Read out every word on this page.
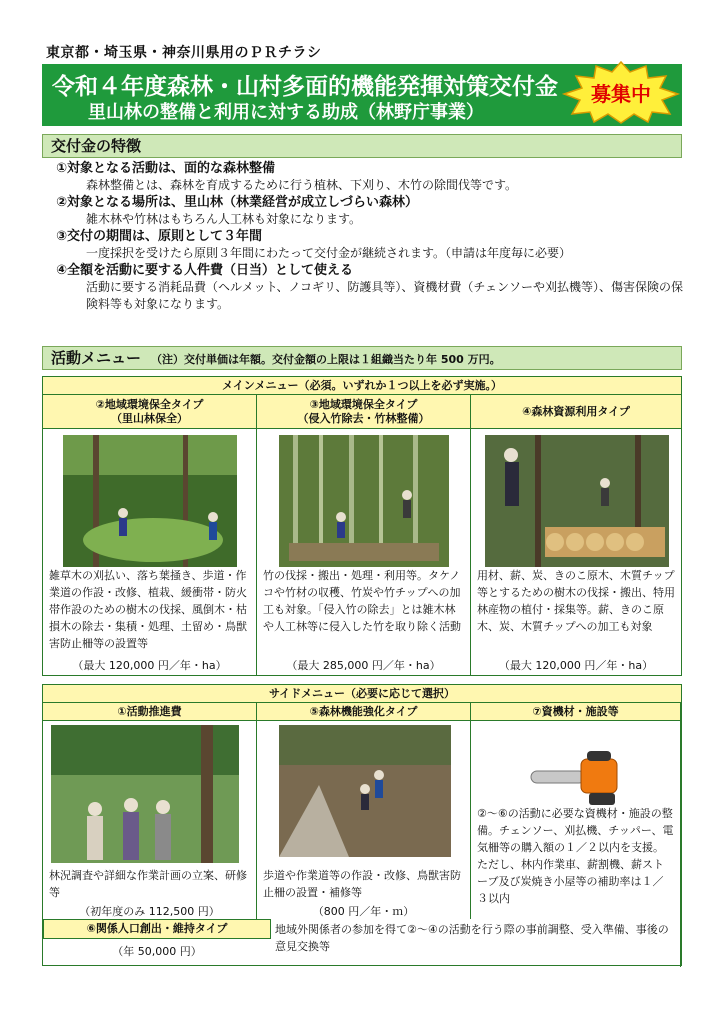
東京都・埼玉県・神奈川県用のＰＲチラシ
令和４年度森林・山村多面的機能発揮対策交付金
里山林の整備と利用に対する助成（林野庁事業）
募集中
交付金の特徴
①対象となる活動は、面的な森林整備
森林整備とは、森林を育成するために行う植林、下刈り、木竹の除間伐等です。
②対象となる場所は、里山林（林業経営が成立しづらい森林）
雑木林や竹林はもちろん人工林も対象になります。
③交付の期間は、原則として３年間
一度採択を受けたら原則３年間にわたって交付金が継続されます。（申請は年度毎に必要）
④全額を活動に要する人件費（日当）として使える
活動に要する消耗品費（ヘルメット、ノコギリ、防護具等）、資機材費（チェンソーや刈払機等）、傷害保険の保険料等も対象になります。
活動メニュー （注）交付単価は年額。交付金額の上限は１組織当たり年 500 万円。
メインメニュー（必須。いずれか１つ以上を必ず実施。）
②地域環境保全タイプ
（里山林保全）
雑草木の刈払い、落ち葉掻き、歩道・作業道の作設・改修、植栽、緩衝帯・防火帯作設のための樹木の伐採、風倒木・枯損木の除去・集積・処理、土留め・鳥獣害防止柵等の設置等
（最大 120,000 円／年・ha）
③地域環境保全タイプ
（侵入竹除去・竹林整備）
竹の伐採・搬出・処理・利用等。タケノコや竹材の収穫、竹炭や竹チップへの加工も対象。「侵入竹の除去」とは雑木林や人工林等に侵入した竹を取り除く活動
（最大 285,000 円／年・ha）
④森林資源利用タイプ
用材、薪、炭、きのこ原木、木質チップ等とするための樹木の伐採・搬出、特用林産物の植付・採集等。薪、きのこ原木、炭、木質チップへの加工も対象
（最大 120,000 円／年・ha）
サイドメニュー（必要に応じて選択）
①活動推進費
林況調査や詳細な作業計画の立案、研修等
（初年度のみ 112,500 円）
⑤森林機能強化タイプ
歩道や作業道等の作設・改修、鳥獣害防止柵の設置・補修等
（800 円／年・ｍ）
⑦資機材・施設等
②～⑥の活動に必要な資機材・施設の整備。チェンソー、刈払機、チッパー、電気柵等の購入額の１／２以内を支援。ただし、林内作業車、薪割機、薪ストーブ及び炭焼き小屋等の補助率は１／３以内
⑥関係人口創出・維持タイプ
（年 50,000 円）
地域外関係者の参加を得て②～④の活動を行う際の事前調整、受入準備、事後の意見交換等
